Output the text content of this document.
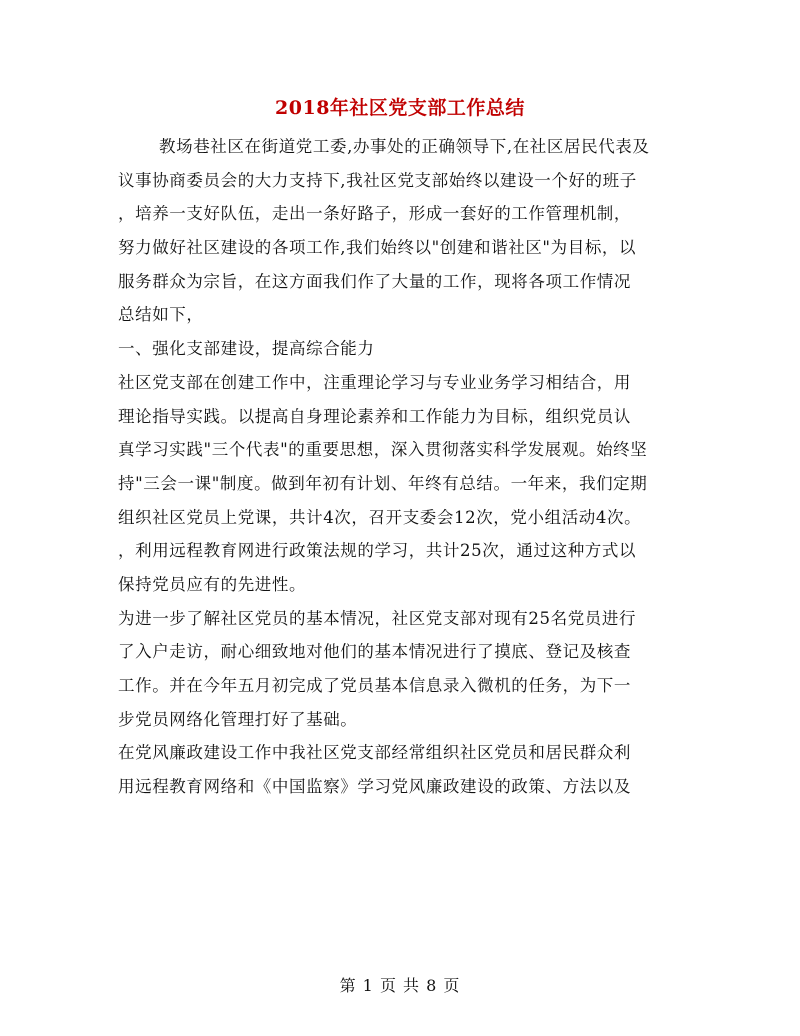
2018年社区党支部工作总结
教场巷社区在街道党工委,办事处的正确领导下,在社区居民代表及
议事协商委员会的大力支持下,我社区党支部始终以建设一个好的班子
，培养一支好队伍，走出一条好路子，形成一套好的工作管理机制，
努力做好社区建设的各项工作,我们始终以"创建和谐社区"为目标，以
服务群众为宗旨，在这方面我们作了大量的工作，现将各项工作情况
总结如下，
一、强化支部建设，提高综合能力
社区党支部在创建工作中，注重理论学习与专业业务学习相结合，用
理论指导实践。以提高自身理论素养和工作能力为目标，组织党员认
真学习实践"三个代表"的重要思想，深入贯彻落实科学发展观。始终坚
持"三会一课"制度。做到年初有计划、年终有总结。一年来，我们定期
组织社区党员上党课，共计4次，召开支委会12次，党小组活动4次。
，利用远程教育网进行政策法规的学习，共计25次，通过这种方式以
保持党员应有的先进性。
为进一步了解社区党员的基本情况，社区党支部对现有25名党员进行
了入户走访，耐心细致地对他们的基本情况进行了摸底、登记及核查
工作。并在今年五月初完成了党员基本信息录入微机的任务，为下一
步党员网络化管理打好了基础。
在党风廉政建设工作中我社区党支部经常组织社区党员和居民群众利
用远程教育网络和《中国监察》学习党风廉政建设的政策、方法以及
第 1 页 共 8 页
